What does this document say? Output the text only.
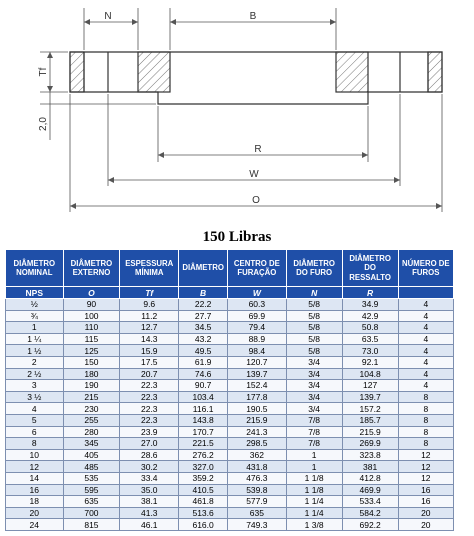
N	B
Tf
2,0
R
W
O
150 Libras
DIÂMETRO NOMINAL	DIÂMETRO EXTERNO	ESPESSURA MÍNIMA	DIÂMETRO	CENTRO DE FURAÇÃO	DIÂMETRO DO FURO	DIÂMETRO DO RESSALTO	NÚMERO DE FUROS
NPS	O	Tf	B	W	N	R	
½	90	9.6	22.2	60.3	5/8	34.9	4
¾	100	11.2	27.7	69.9	5/8	42.9	4
1	110	12.7	34.5	79.4	5/8	50.8	4
1 ¼	115	14.3	43.2	88.9	5/8	63.5	4
1 ½	125	15.9	49.5	98.4	5/8	73.0	4
2	150	17.5	61.9	120.7	3/4	92.1	4
2 ½	180	20.7	74.6	139.7	3/4	104.8	4
3	190	22.3	90.7	152.4	3/4	127	4
3 ½	215	22.3	103.4	177.8	3/4	139.7	8
4	230	22.3	116.1	190.5	3/4	157.2	8
5	255	22.3	143.8	215.9	7/8	185.7	8
6	280	23.9	170.7	241.3	7/8	215.9	8
8	345	27.0	221.5	298.5	7/8	269.9	8
10	405	28.6	276.2	362	1	323.8	12
12	485	30.2	327.0	431.8	1	381	12
14	535	33.4	359.2	476.3	1 1/8	412.8	12
16	595	35.0	410.5	539.8	1 1/8	469.9	16
18	635	38.1	461.8	577.9	1 1/4	533.4	16
20	700	41.3	513.6	635	1 1/4	584.2	20
24	815	46.1	616.0	749.3	1 3/8	692.2	20
